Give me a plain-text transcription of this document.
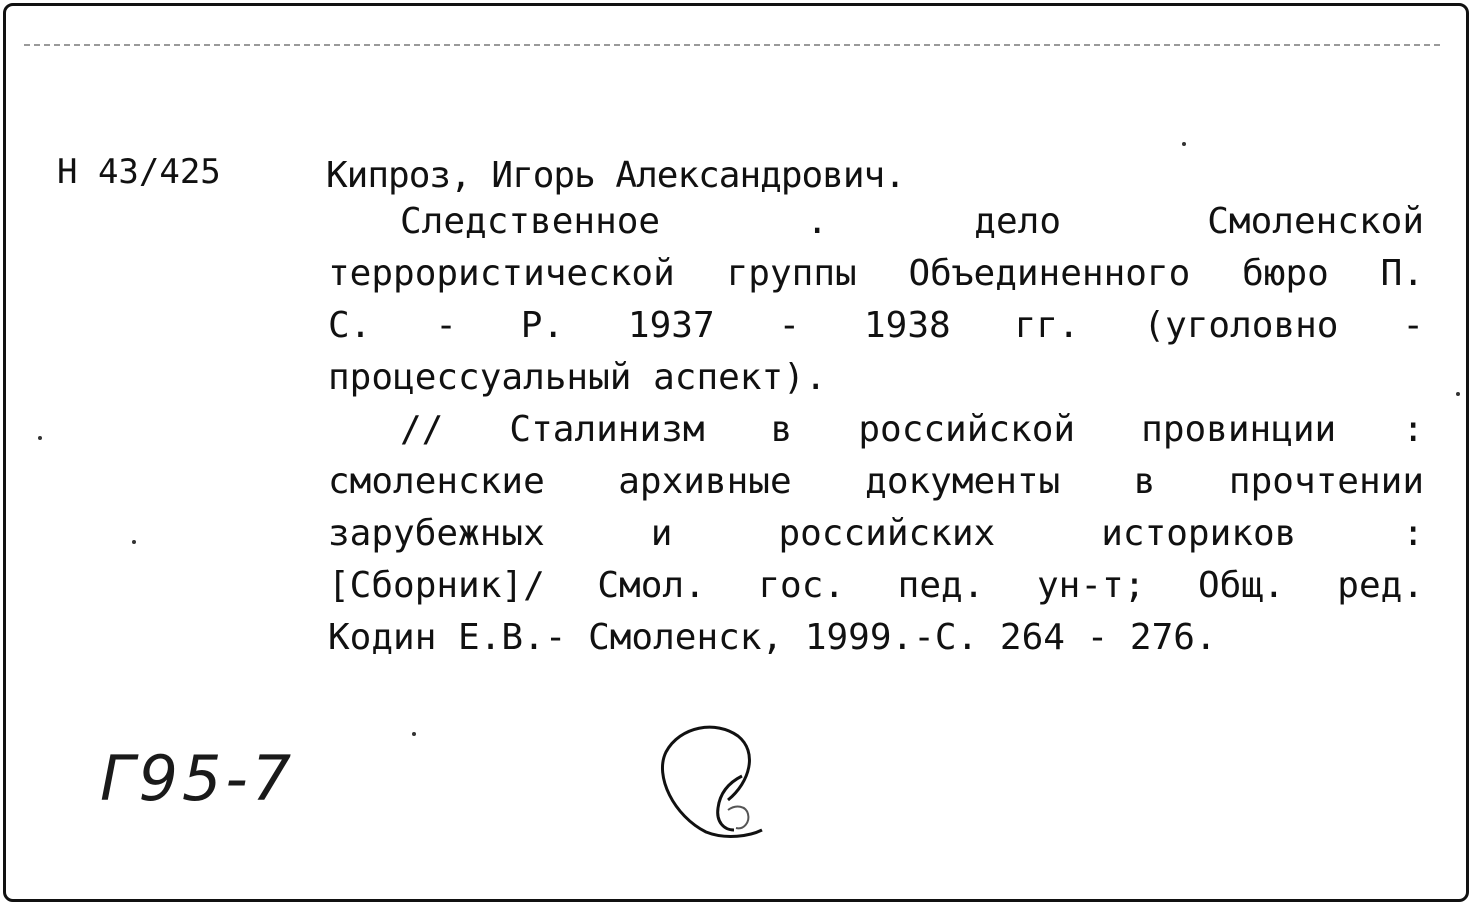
Н 43/425	Кипроз, Игорь Александрович.
Следственное . дело Смоленской
террористической группы Объединенного бюро П.
С. - Р. 1937 - 1938 гг. (уголовно -
процессуальный аспект).
// Сталинизм в российской провинции :
смоленские архивные документы в прочтении
зарубежных и российских историков :
[Сборник]/ Смол. гос. пед. ун-т; Общ. ред.
Кодин Е.В.- Смоленск, 1999.-С. 264 - 276.
Г95-7
